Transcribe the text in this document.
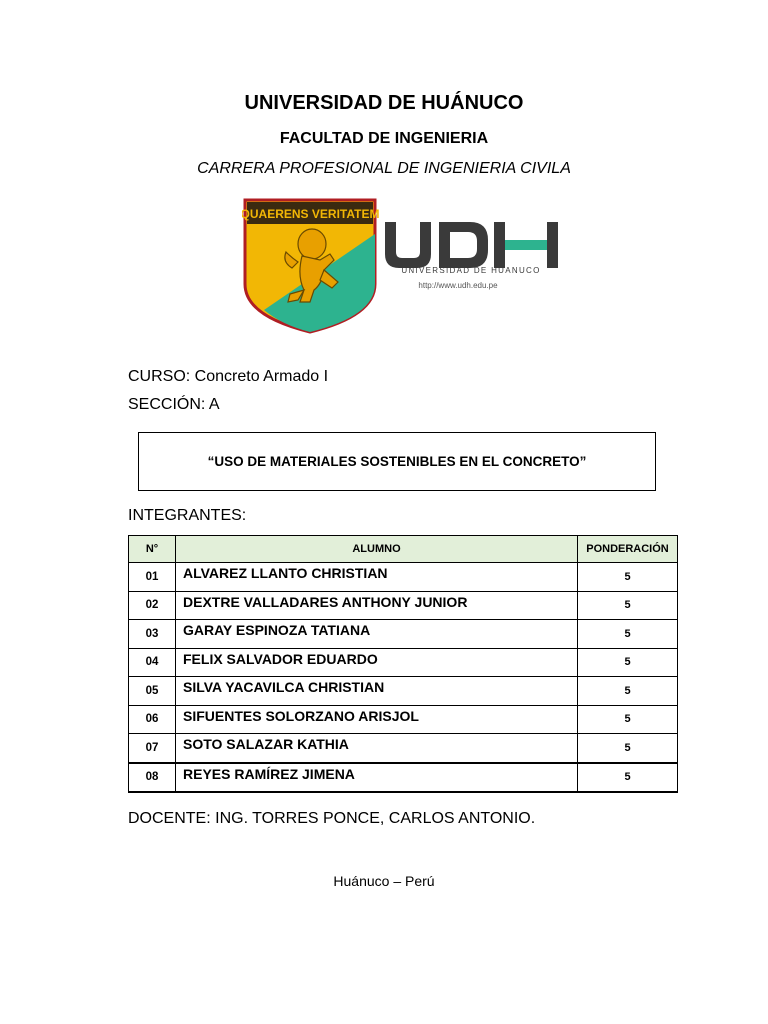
UNIVERSIDAD DE HUÁNUCO
FACULTAD DE INGENIERIA
CARRERA PROFESIONAL DE INGENIERIA CIVILA
QUAERENS VERITATEM
UNIVERSIDAD DE HUANUCO
http://www.udh.edu.pe
CURSO: Concreto Armado I
SECCIÓN: A
“USO DE MATERIALES SOSTENIBLES EN EL CONCRETO”
INTEGRANTES:
N°	ALUMNO	PONDERACIÓN
01	ALVAREZ LLANTO CHRISTIAN	5
02	DEXTRE VALLADARES ANTHONY JUNIOR	5
03	GARAY ESPINOZA TATIANA	5
04	FELIX SALVADOR EDUARDO	5
05	SILVA YACAVILCA CHRISTIAN	5
06	SIFUENTES SOLORZANO ARISJOL	5
07	SOTO SALAZAR KATHIA	5
08	REYES RAMÍREZ JIMENA	5
DOCENTE: ING. TORRES PONCE, CARLOS ANTONIO.
Huánuco – Perú
